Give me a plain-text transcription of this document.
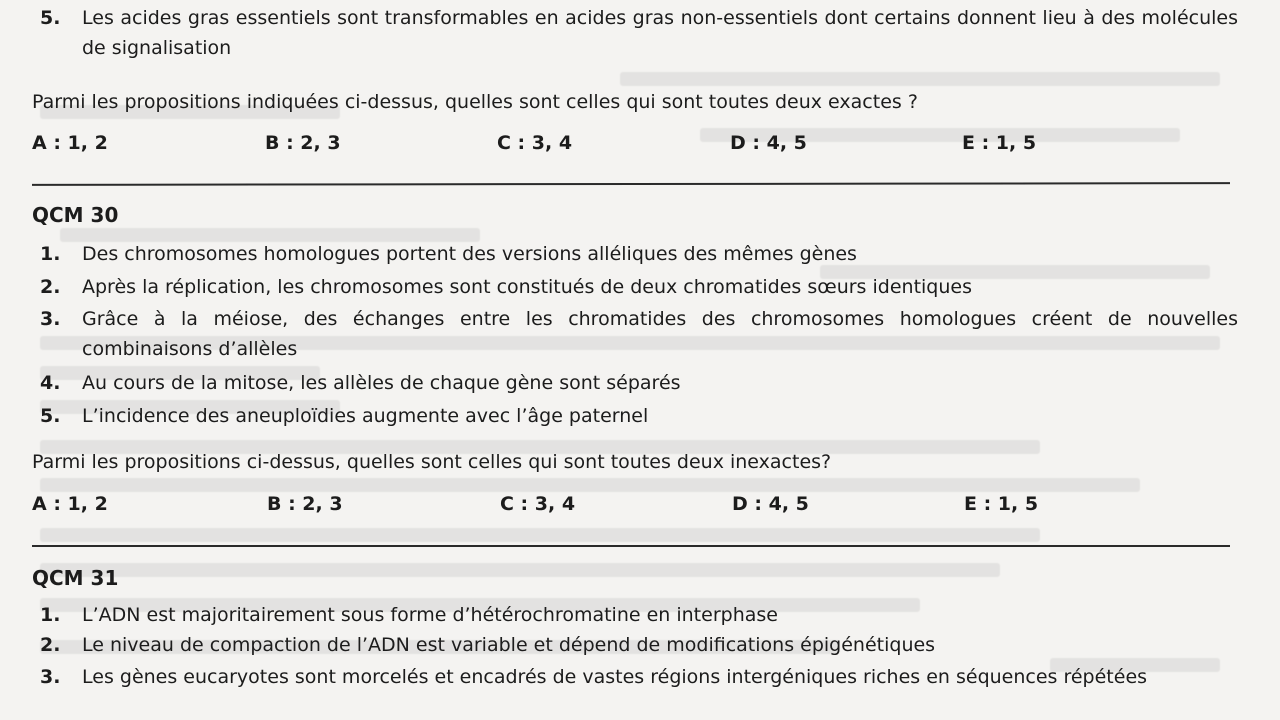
5.	Les acides gras essentiels sont transformables en acides gras non-essentiels dont certains donnent lieu à des molécules de signalisation
Parmi les propositions indiquées ci-dessus, quelles sont celles qui sont toutes deux exactes ?
A : 1, 2	B : 2, 3	C : 3, 4	D : 4, 5	E : 1, 5
QCM 30
1.	Des chromosomes homologues portent des versions alléliques des mêmes gènes
2.	Après la réplication, les chromosomes sont constitués de deux chromatides sœurs identiques
3.	Grâce à la méiose, des échanges entre les chromatides des chromosomes homologues créent de nouvelles combinaisons d’allèles
4.	Au cours de la mitose, les allèles de chaque gène sont séparés
5.	L’incidence des aneuploïdies augmente avec l’âge paternel
Parmi les propositions ci-dessus, quelles sont celles qui sont toutes deux inexactes?
A : 1, 2	B : 2, 3	C : 3, 4	D : 4, 5	E : 1, 5
QCM 31
1.	L’ADN est majoritairement sous forme d’hétérochromatine en interphase
2.	Le niveau de compaction de l’ADN est variable et dépend de modifications épigénétiques
3.	Les gènes eucaryotes sont morcelés et encadrés de vastes régions intergéniques riches en séquences répétées
